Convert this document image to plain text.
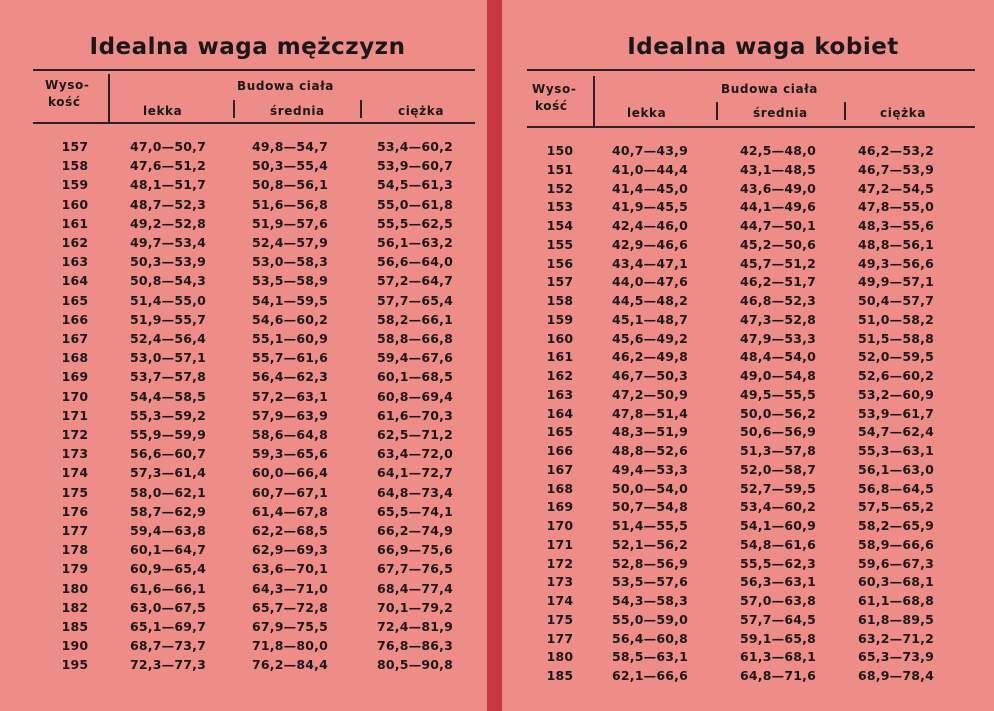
Idealna waga mężczyzn
Wyso-
kość
Budowa ciała
lekka	średnia	ciężka
157	47,0—50,7	49,8—54,7	53,4—60,2
158	47,6—51,2	50,3—55,4	53,9—60,7
159	48,1—51,7	50,8—56,1	54,5—61,3
160	48,7—52,3	51,6—56,8	55,0—61,8
161	49,2—52,8	51,9—57,6	55,5—62,5
162	49,7—53,4	52,4—57,9	56,1—63,2
163	50,3—53,9	53,0—58,3	56,6—64,0
164	50,8—54,3	53,5—58,9	57,2—64,7
165	51,4—55,0	54,1—59,5	57,7—65,4
166	51,9—55,7	54,6—60,2	58,2—66,1
167	52,4—56,4	55,1—60,9	58,8—66,8
168	53,0—57,1	55,7—61,6	59,4—67,6
169	53,7—57,8	56,4—62,3	60,1—68,5
170	54,4—58,5	57,2—63,1	60,8—69,4
171	55,3—59,2	57,9—63,9	61,6—70,3
172	55,9—59,9	58,6—64,8	62,5—71,2
173	56,6—60,7	59,3—65,6	63,4—72,0
174	57,3—61,4	60,0—66,4	64,1—72,7
175	58,0—62,1	60,7—67,1	64,8—73,4
176	58,7—62,9	61,4—67,8	65,5—74,1
177	59,4—63,8	62,2—68,5	66,2—74,9
178	60,1—64,7	62,9—69,3	66,9—75,6
179	60,9—65,4	63,6—70,1	67,7—76,5
180	61,6—66,1	64,3—71,0	68,4—77,4
182	63,0—67,5	65,7—72,8	70,1—79,2
185	65,1—69,7	67,9—75,5	72,4—81,9
190	68,7—73,7	71,8—80,0	76,8—86,3
195	72,3—77,3	76,2—84,4	80,5—90,8
Idealna waga kobiet
Wyso-
kość
Budowa ciała
lekka	średnia	ciężka
150	40,7—43,9	42,5—48,0	46,2—53,2
151	41,0—44,4	43,1—48,5	46,7—53,9
152	41,4—45,0	43,6—49,0	47,2—54,5
153	41,9—45,5	44,1—49,6	47,8—55,0
154	42,4—46,0	44,7—50,1	48,3—55,6
155	42,9—46,6	45,2—50,6	48,8—56,1
156	43,4—47,1	45,7—51,2	49,3—56,6
157	44,0—47,6	46,2—51,7	49,9—57,1
158	44,5—48,2	46,8—52,3	50,4—57,7
159	45,1—48,7	47,3—52,8	51,0—58,2
160	45,6—49,2	47,9—53,3	51,5—58,8
161	46,2—49,8	48,4—54,0	52,0—59,5
162	46,7—50,3	49,0—54,8	52,6—60,2
163	47,2—50,9	49,5—55,5	53,2—60,9
164	47,8—51,4	50,0—56,2	53,9—61,7
165	48,3—51,9	50,6—56,9	54,7—62,4
166	48,8—52,6	51,3—57,8	55,3—63,1
167	49,4—53,3	52,0—58,7	56,1—63,0
168	50,0—54,0	52,7—59,5	56,8—64,5
169	50,7—54,8	53,4—60,2	57,5—65,2
170	51,4—55,5	54,1—60,9	58,2—65,9
171	52,1—56,2	54,8—61,6	58,9—66,6
172	52,8—56,9	55,5—62,3	59,6—67,3
173	53,5—57,6	56,3—63,1	60,3—68,1
174	54,3—58,3	57,0—63,8	61,1—68,8
175	55,0—59,0	57,7—64,5	61,8—89,5
177	56,4—60,8	59,1—65,8	63,2—71,2
180	58,5—63,1	61,3—68,1	65,3—73,9
185	62,1—66,6	64,8—71,6	68,9—78,4
